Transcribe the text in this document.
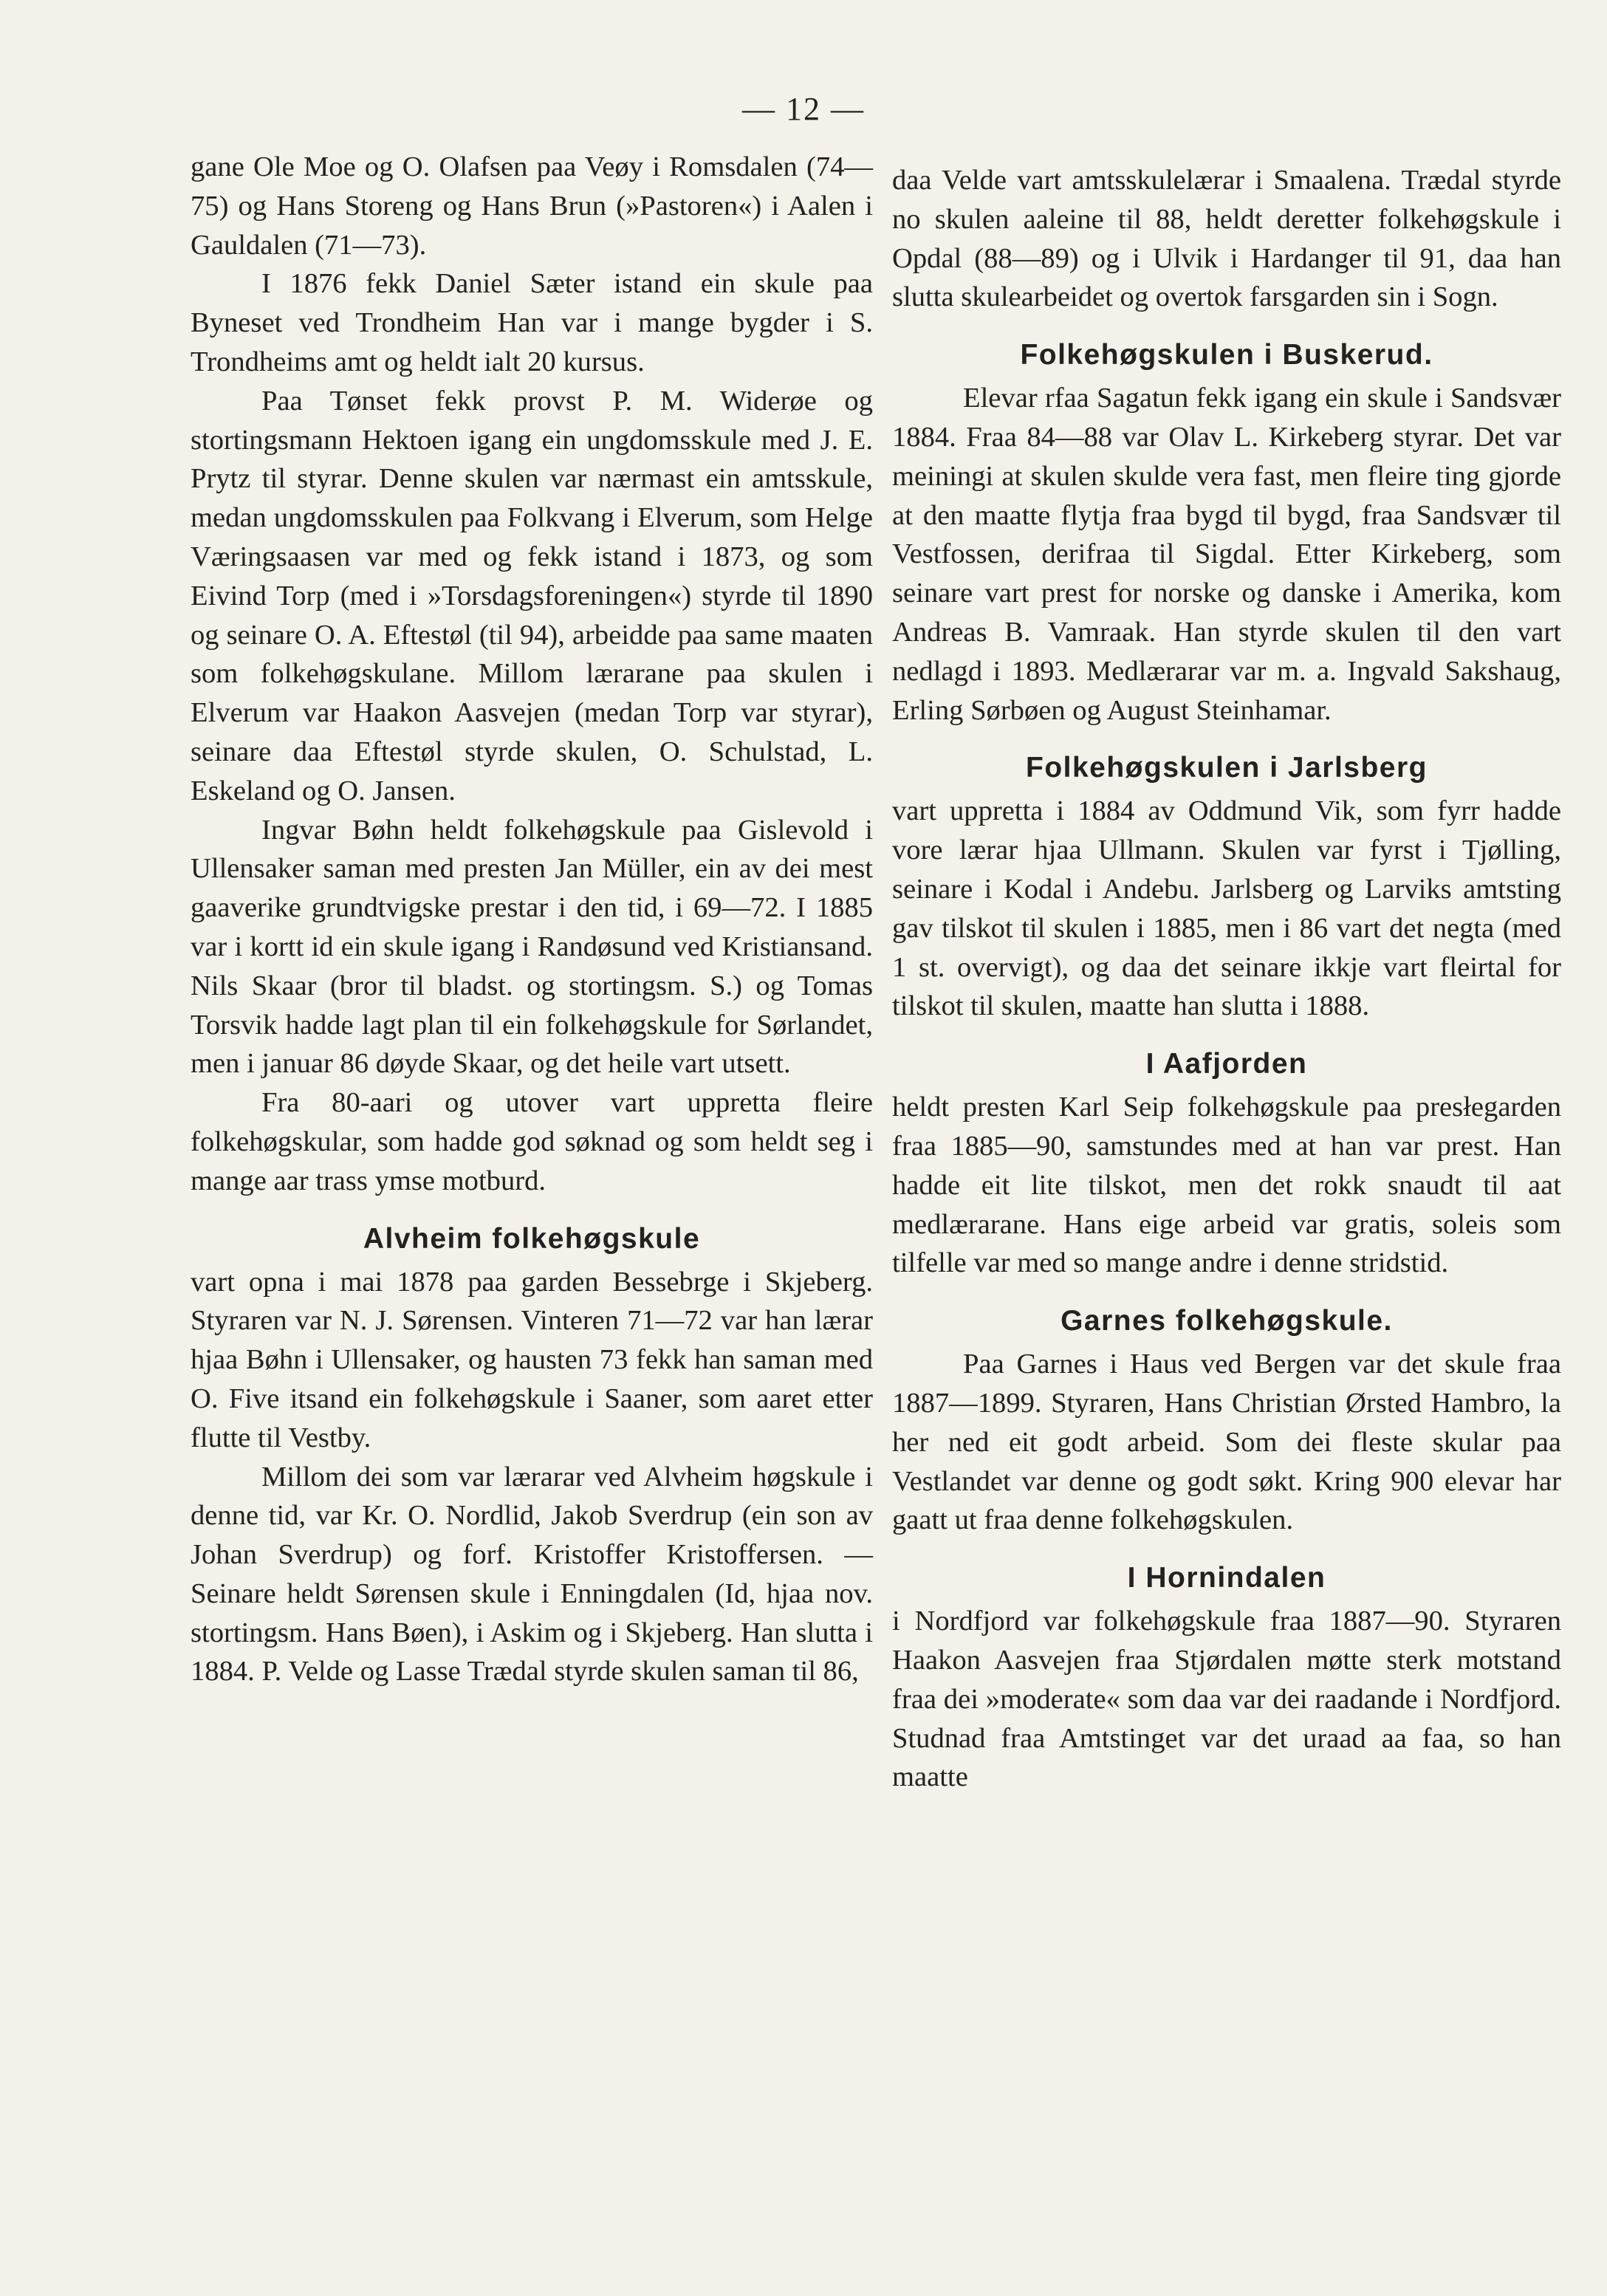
— 12 —

gane Ole Moe og O. Olafsen paa Veøy i Romsdalen (74—75) og Hans Storeng og Hans Brun (»Pastoren«) i Aalen i Gauldalen (71—73).

I 1876 fekk Daniel Sæter istand ein skule paa Byneset ved Trondheim Han var i mange bygder i S. Trondheims amt og heldt ialt 20 kursus.

Paa Tønset fekk provst P. M. Widerøe og stortingsmann Hektoen igang ein ungdomsskule med J. E. Prytz til styrar. Denne skulen var nærmast ein amtsskule, medan ungdomsskulen paa Folkvang i Elverum, som Helge Væringsaasen var med og fekk istand i 1873, og som Eivind Torp (med i »Torsdagsforeningen«) styrde til 1890 og seinare O. A. Eftestøl (til 94), arbeidde paa same maaten som folkehøgskulane. Millom lærarane paa skulen i Elverum var Haakon Aasvejen (medan Torp var styrar), seinare daa Eftestøl styrde skulen, O. Schulstad, L. Eskeland og O. Jansen.

Ingvar Bøhn heldt folkehøgskule paa Gislevold i Ullensaker saman med presten Jan Müller, ein av dei mest gaaverike grundtvigske prestar i den tid, i 69—72. I 1885 var i kortt id ein skule igang i Randøsund ved Kristiansand. Nils Skaar (bror til bladst. og stortingsm. S.) og Tomas Torsvik hadde lagt plan til ein folkehøgskule for Sørlandet, men i januar 86 døyde Skaar, og det heile vart utsett.

Fra 80-aari og utover vart uppretta fleire folkehøgskular, som hadde god søknad og som heldt seg i mange aar trass ymse motburd.

Alvheim folkehøgskule

vart opna i mai 1878 paa garden Bessebrge i Skjeberg. Styraren var N. J. Sørensen. Vinteren 71—72 var han lærar hjaa Bøhn i Ullensaker, og hausten 73 fekk han saman med O. Five itsand ein folkehøgskule i Saaner, som aaret etter flutte til Vestby.

Millom dei som var lærarar ved Alvheim høgskule i denne tid, var Kr. O. Nordlid, Jakob Sverdrup (ein son av Johan Sverdrup) og forf. Kristoffer Kristoffersen. — Seinare heldt Sørensen skule i Enningdalen (Id, hjaa nov. stortingsm. Hans Bøen), i Askim og i Skjeberg. Han slutta i 1884. P. Velde og Lasse Trædal styrde skulen saman til 86,

daa Velde vart amtsskulelærar i Smaalena. Trædal styrde no skulen aaleine til 88, heldt deretter folkehøgskule i Opdal (88—89) og i Ulvik i Hardanger til 91, daa han slutta skulearbeidet og overtok farsgarden sin i Sogn.

Folkehøgskulen i Buskerud.

Elevar rfaa Sagatun fekk igang ein skule i Sandsvær 1884. Fraa 84—88 var Olav L. Kirkeberg styrar. Det var meiningi at skulen skulde vera fast, men fleire ting gjorde at den maatte flytja fraa bygd til bygd, fraa Sandsvær til Vestfossen, derifraa til Sigdal. Etter Kirkeberg, som seinare vart prest for norske og danske i Amerika, kom Andreas B. Vamraak. Han styrde skulen til den vart nedlagd i 1893. Medlærarar var m. a. Ingvald Sakshaug, Erling Sørbøen og August Steinhamar.

Folkehøgskulen i Jarlsberg

vart uppretta i 1884 av Oddmund Vik, som fyrr hadde vore lærar hjaa Ullmann. Skulen var fyrst i Tjølling, seinare i Kodal i Andebu. Jarlsberg og Larviks amtsting gav tilskot til skulen i 1885, men i 86 vart det negta (med 1 st. overvigt), og daa det seinare ikkje vart fleirtal for tilskot til skulen, maatte han slutta i 1888.

I Aafjorden

heldt presten Karl Seip folkehøgskule paa presłegarden fraa 1885—90, samstundes med at han var prest. Han hadde eit lite tilskot, men det rokk snaudt til aat medlærarane. Hans eige arbeid var gratis, soleis som tilfelle var med so mange andre i denne stridstid.

Garnes folkehøgskule.

Paa Garnes i Haus ved Bergen var det skule fraa 1887—1899. Styraren, Hans Christian Ørsted Hambro, la her ned eit godt arbeid. Som dei fleste skular paa Vestlandet var denne og godt søkt. Kring 900 elevar har gaatt ut fraa denne folkehøgskulen.

I Hornindalen

i Nordfjord var folkehøgskule fraa 1887—90. Styraren Haakon Aasvejen fraa Stjørdalen møtte sterk motstand fraa dei »moderate« som daa var dei raadande i Nordfjord. Studnad fraa Amtstinget var det uraad aa faa, so han maatte
